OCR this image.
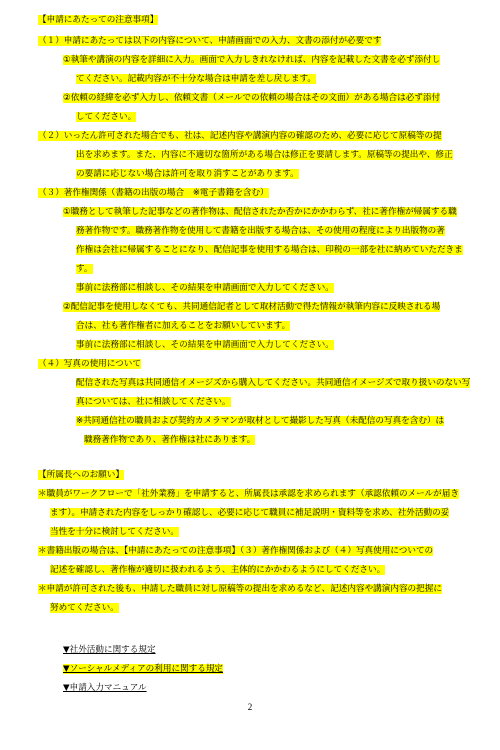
【申請にあたっての注意事項】
（１）申請にあたっては以下の内容について、申請画面での入力、文書の添付が必要です
①執筆や講演の内容を詳細に入力。画面で入力しきれなければ、内容を記載した文書を必ず添付し
てください。記載内容が不十分な場合は申請を差し戻します。
②依頼の経緯を必ず入力し、依頼文書（メールでの依頼の場合はその文面）がある場合は必ず添付
してください。
（２）いったん許可された場合でも、社は、記述内容や講演内容の確認のため、必要に応じて原稿等の提
出を求めます。また、内容に不適切な箇所がある場合は修正を要請します。原稿等の提出や、修正
の要請に応じない場合は許可を取り消すことがあります。
（３）著作権関係（書籍の出版の場合　※電子書籍を含む）
①職務として執筆した記事などの著作物は、配信されたか否かにかかわらず、社に著作権が帰属する職
務著作物です。職務著作物を使用して書籍を出版する場合は、その使用の程度により出版物の著
作権は会社に帰属することになり、配信記事を使用する場合は、印税の一部を社に納めていただきま
す。
事前に法務部に相談し、その結果を申請画面で入力してください。
②配信記事を使用しなくても、共同通信記者として取材活動で得た情報が執筆内容に反映される場
合は、社も著作権者に加えることをお願いしています。
事前に法務部に相談し、その結果を申請画面で入力してください。
（４）写真の使用について
配信された写真は共同通信イメージズから購入してください。共同通信イメージズで取り扱いのない写
真については、社に相談してください。
※共同通信社の職員および契約カメラマンが取材として撮影した写真（未配信の写真を含む）は
職務著作物であり、著作権は社にあります。
【所属長へのお願い】
＊職員がワークフローで「社外業務」を申請すると、所属長は承認を求められます（承認依頼のメールが届き
ます）。申請された内容をしっかり確認し、必要に応じて職員に補足説明・資料等を求め、社外活動の妥
当性を十分に検討してください。
＊書籍出版の場合は、【申請にあたっての注意事項】（３）著作権関係および（４）写真使用についての
記述を確認し、著作権が適切に扱われるよう、主体的にかかわるようにしてください。
＊申請が許可された後も、申請した職員に対し原稿等の提出を求めるなど、記述内容や講演内容の把握に
努めてください。
▼社外活動に関する規定
▼ソーシャルメディアの利用に関する規定
▼申請入力マニュアル
2
